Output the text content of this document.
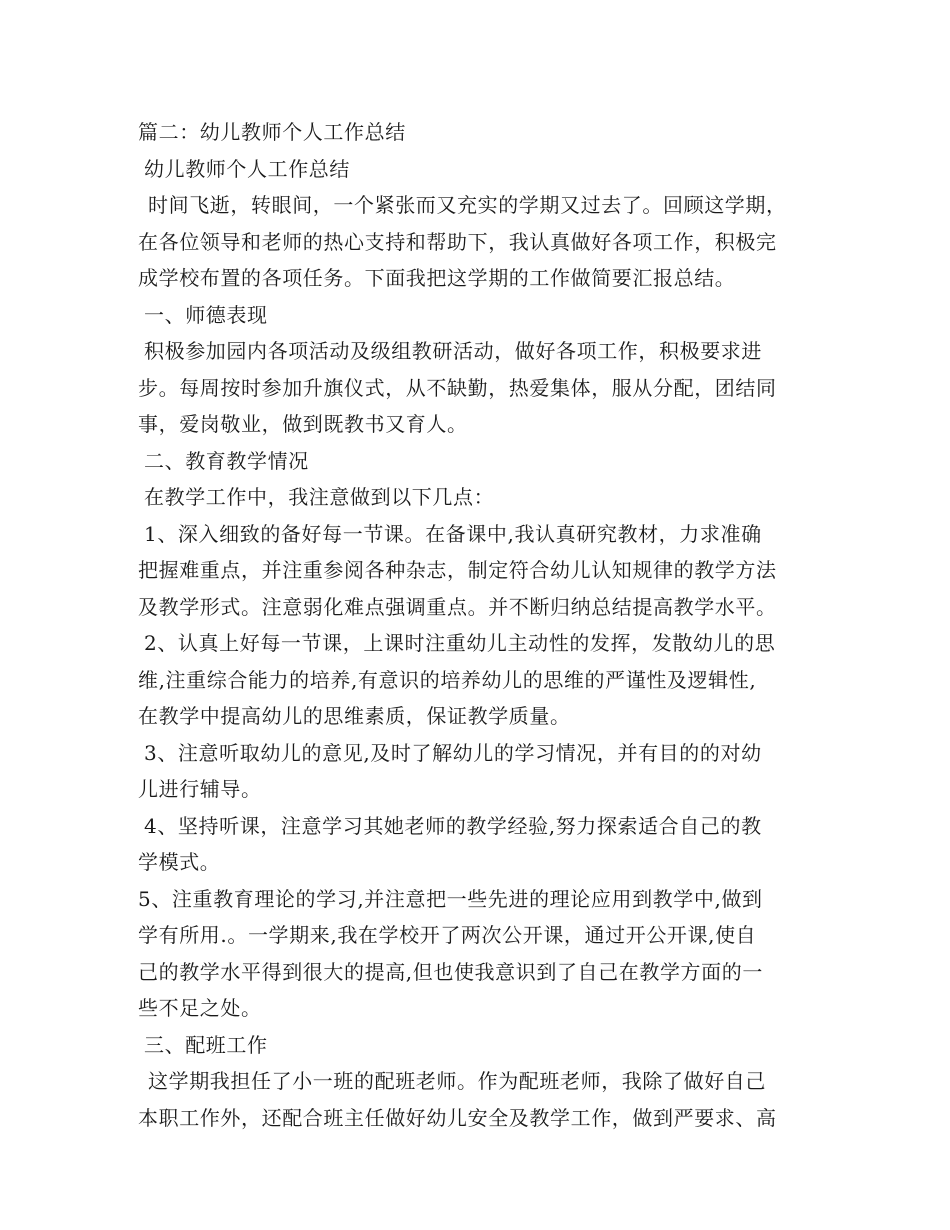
篇二：幼儿教师个人工作总结
幼儿教师个人工作总结
时间飞逝，转眼间，一个紧张而又充实的学期又过去了。回顾这学期，
在各位领导和老师的热心支持和帮助下，我认真做好各项工作，积极完
成学校布置的各项任务。下面我把这学期的工作做简要汇报总结。
一、师德表现
积极参加园内各项活动及级组教研活动，做好各项工作，积极要求进
步。每周按时参加升旗仪式，从不缺勤，热爱集体，服从分配，团结同
事，爱岗敬业，做到既教书又育人。
二、教育教学情况
在教学工作中，我注意做到以下几点：
1、深入细致的备好每一节课。在备课中,我认真研究教材，力求准确
把握难重点，并注重参阅各种杂志，制定符合幼儿认知规律的教学方法
及教学形式。注意弱化难点强调重点。并不断归纳总结提高教学水平。
2、认真上好每一节课，上课时注重幼儿主动性的发挥，发散幼儿的思
维,注重综合能力的培养,有意识的培养幼儿的思维的严谨性及逻辑性,
在教学中提高幼儿的思维素质，保证教学质量。
3、注意听取幼儿的意见,及时了解幼儿的学习情况，并有目的的对幼
儿进行辅导。
4、坚持听课，注意学习其她老师的教学经验,努力探索适合自己的教
学模式。
5、注重教育理论的学习,并注意把一些先进的理论应用到教学中,做到
学有所用.。一学期来,我在学校开了两次公开课，通过开公开课,使自
己的教学水平得到很大的提高,但也使我意识到了自己在教学方面的一
些不足之处。
三、配班工作
这学期我担任了小一班的配班老师。作为配班老师，我除了做好自己
本职工作外，还配合班主任做好幼儿安全及教学工作，做到严要求、高
